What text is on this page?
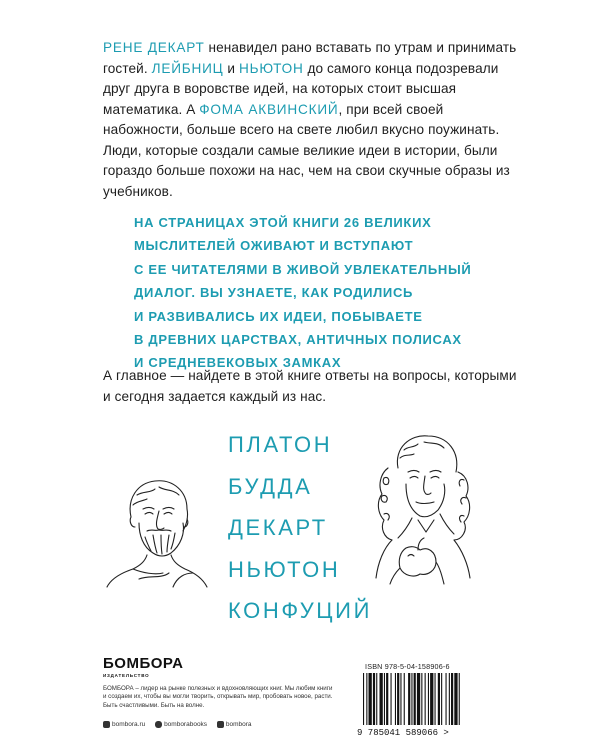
РЕНЕ ДЕКАРТ ненавидел рано вставать по утрам и принимать гостей. ЛЕЙБНИЦ и НЬЮТОН до самого конца подозревали друг друга в воровстве идей, на которых стоит высшая математика. А ФОМА АКВИНСКИЙ, при всей своей набожности, больше всего на свете любил вкусно поужинать. Люди, которые создали самые великие идеи в истории, были гораздо больше похожи на нас, чем на свои скучные образы из учебников.

НА СТРАНИЦАХ ЭТОЙ КНИГИ 26 ВЕЛИКИХ
МЫСЛИТЕЛЕЙ ОЖИВАЮТ И ВСТУПАЮТ
С ЕЕ ЧИТАТЕЛЯМИ В ЖИВОЙ УВЛЕКАТЕЛЬНЫЙ
ДИАЛОГ. ВЫ УЗНАЕТЕ, КАК РОДИЛИСЬ
И РАЗВИВАЛИСЬ ИХ ИДЕИ, ПОБЫВАЕТЕ
В ДРЕВНИХ ЦАРСТВАХ, АНТИЧНЫХ ПОЛИСАХ
И СРЕДНЕВЕКОВЫХ ЗАМКАХ

А главное — найдете в этой книге ответы на вопросы, которыми и сегодня задается каждый из нас.

ПЛАТОН
БУДДА
ДЕКАРТ
НЬЮТОН
КОНФУЦИЙ
БОМБОРА
ИЗДАТЕЛЬСТВО
БОМБОРА – лидер на рынке полезных и вдохновляющих книг. Мы любим книги и создаем их, чтобы вы могли творить, открывать мир, пробовать новое, расти. Быть счастливыми. Быть на волне.
bombora.ru
	bomborabooks
	bombora
ISBN 978-5-04-158906-6
9 785041 589066 >
